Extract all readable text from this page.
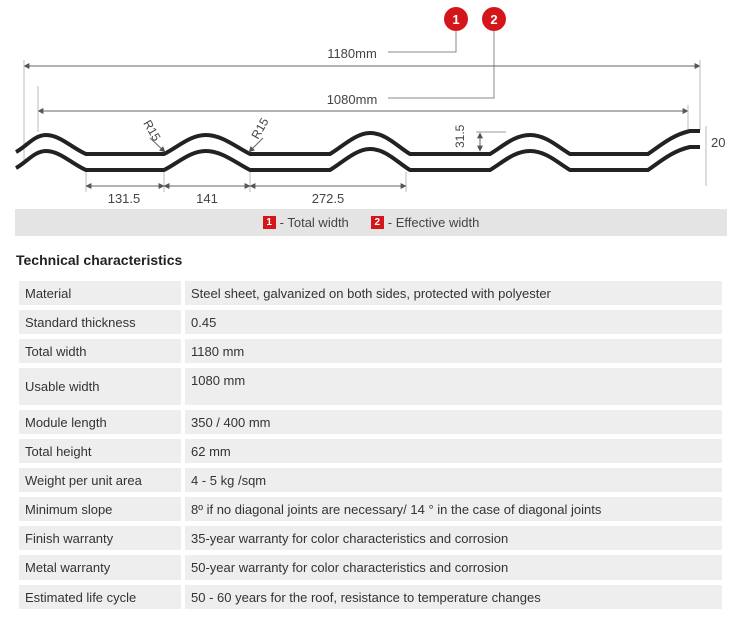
1 2
1180mm
1080mm
R15	R15	31.5	20
131.5	141	272.5
1 - Total width	2 - Effective width
Technical characteristics
Material	Steel sheet, galvanized on both sides, protected with polyester
Standard thickness	0.45
Total width	1180 mm
Usable width	1080 mm
Module length	350 / 400 mm
Total height	62 mm
Weight per unit area	4 - 5 kg /sqm
Minimum slope	8º if no diagonal joints are necessary/ 14 ° in the case of diagonal joints
Finish warranty	35-year warranty for color characteristics and corrosion
Metal warranty	50-year warranty for color characteristics and corrosion
Estimated life cycle	50 - 60 years for the roof, resistance to temperature changes
